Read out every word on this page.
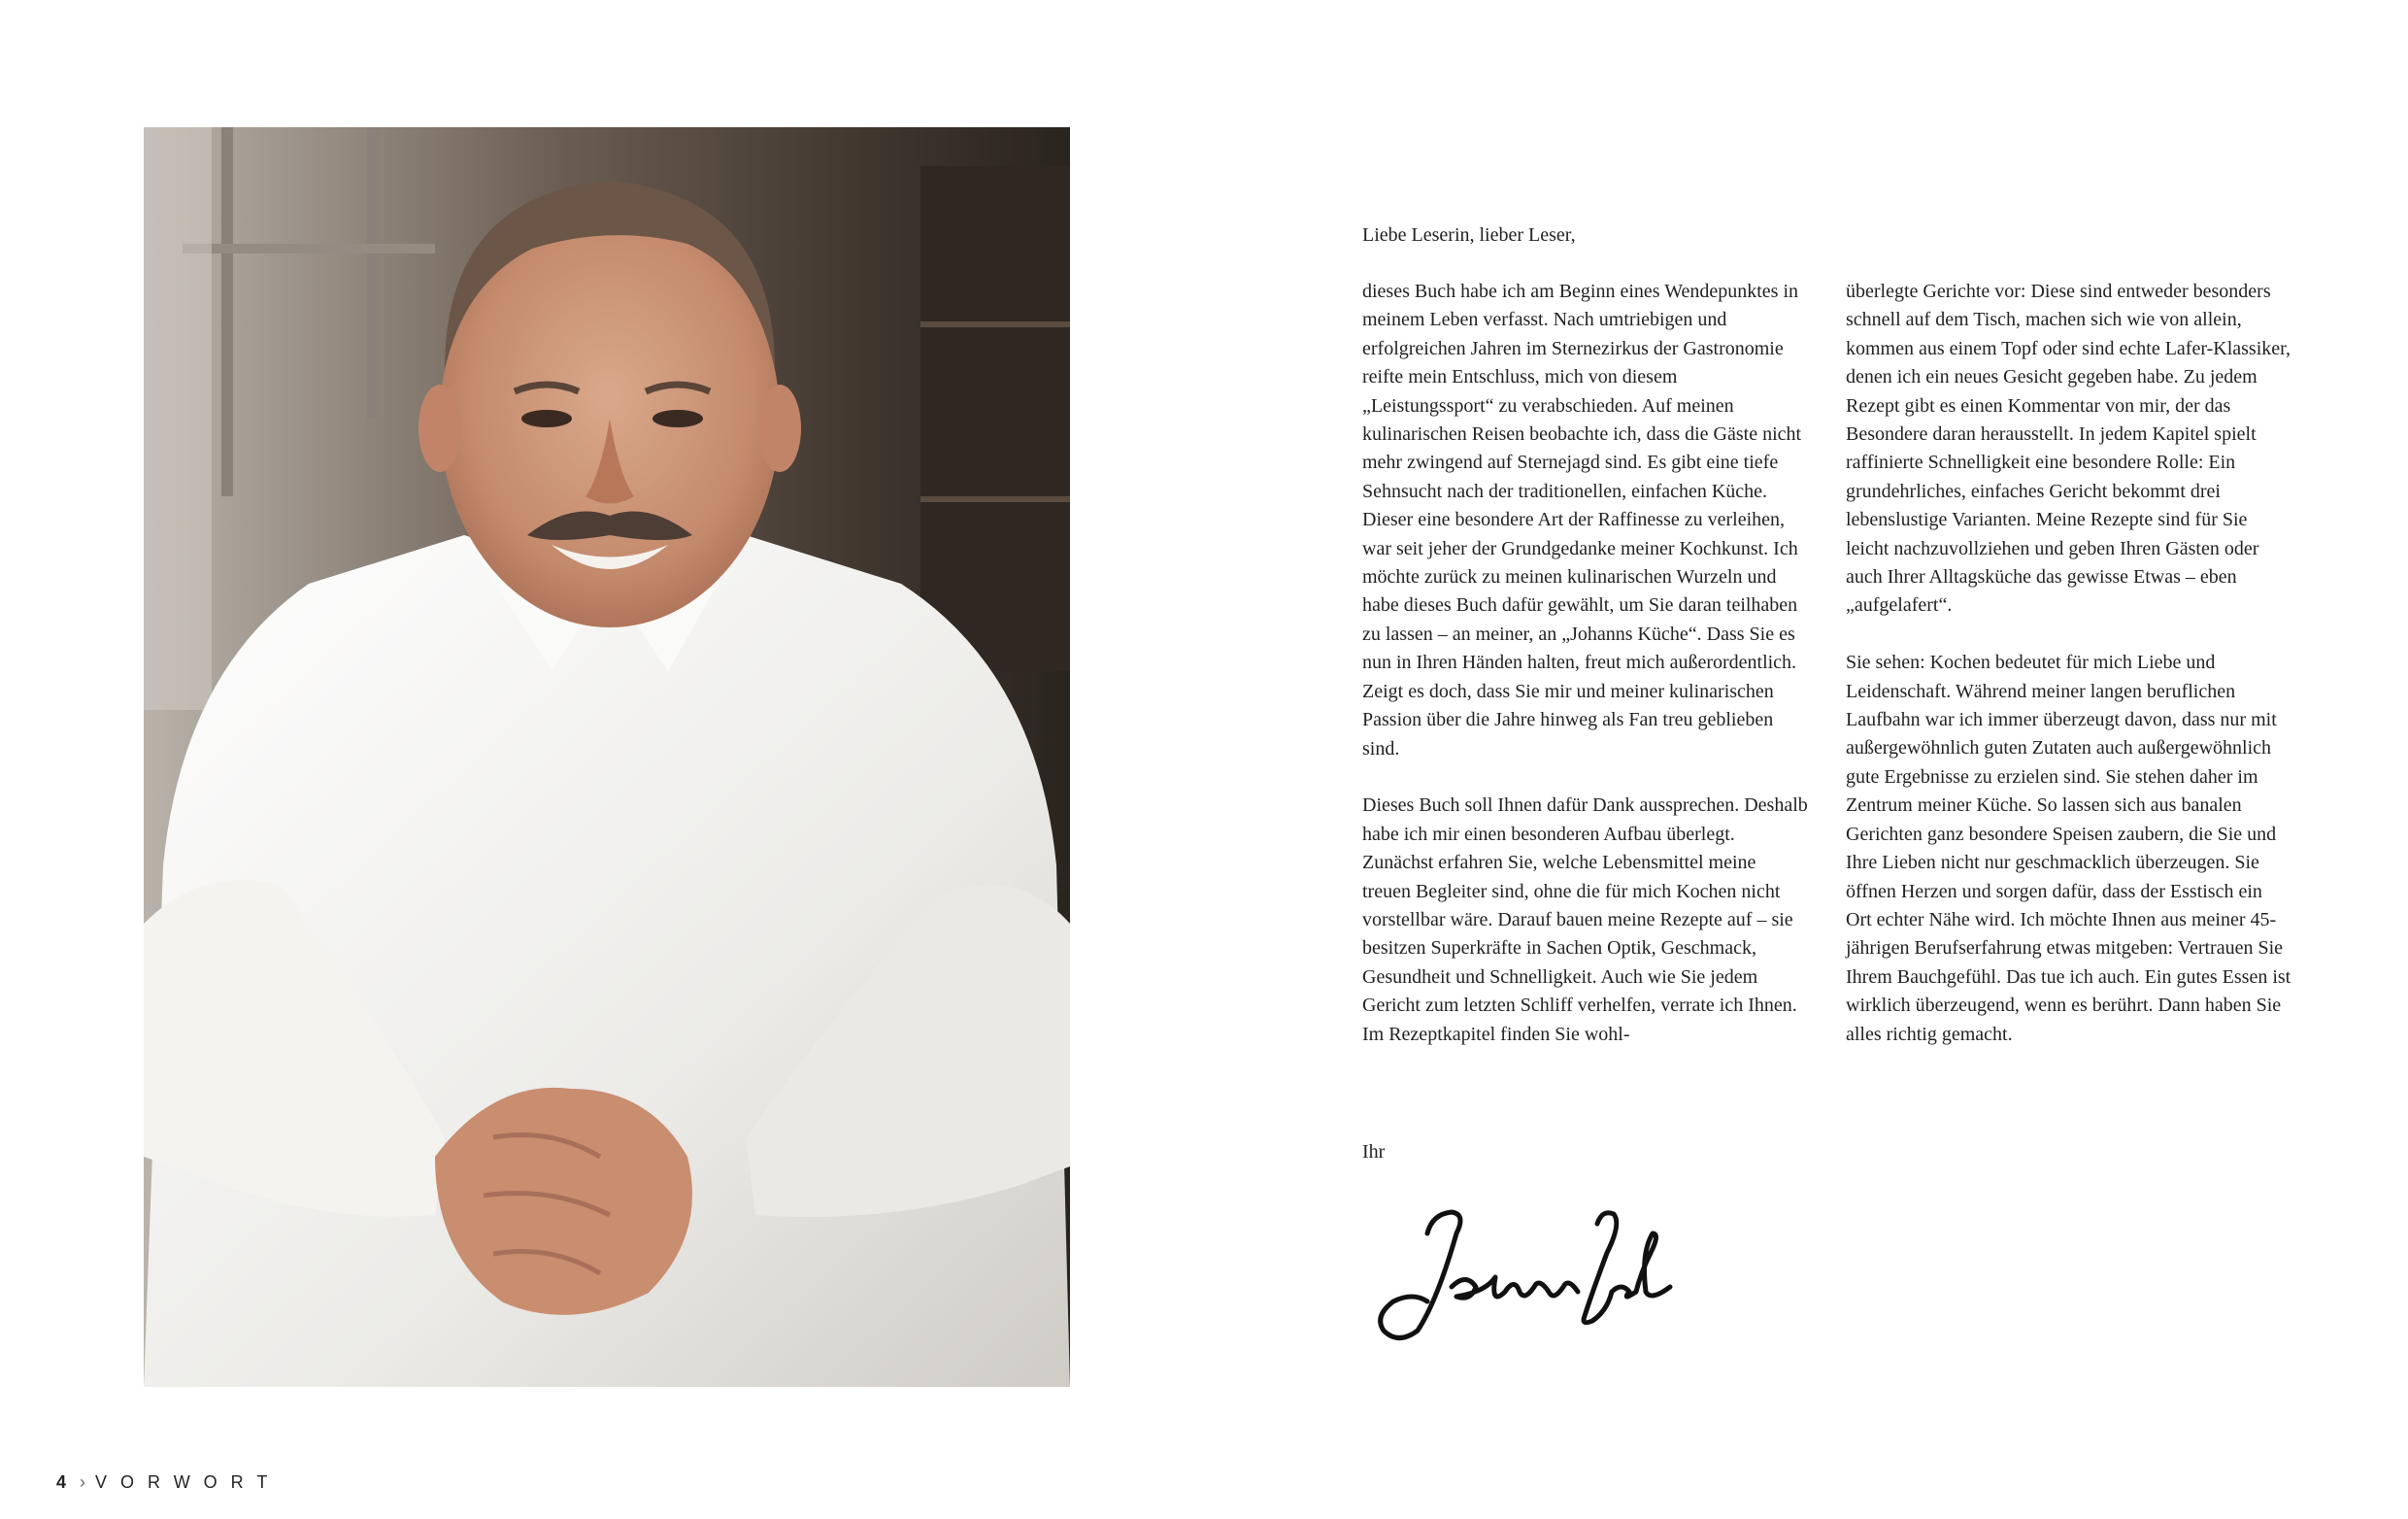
Liebe Leserin, lieber Leser,

dieses Buch habe ich am Beginn eines Wendepunktes in meinem Leben verfasst. Nach umtriebigen und erfolgreichen Jahren im Sternezirkus der Gastronomie reifte mein Entschluss, mich von diesem „Leistungssport“ zu verabschieden. Auf meinen kulinarischen Reisen beobachte ich, dass die Gäste nicht mehr zwingend auf Sternejagd sind. Es gibt eine tiefe Sehnsucht nach der traditionellen, einfachen Küche. Dieser eine besondere Art der Raffinesse zu verleihen, war seit jeher der Grundgedanke meiner Kochkunst. Ich möchte zurück zu meinen kulinarischen Wurzeln und habe dieses Buch dafür gewählt, um Sie daran teilhaben zu lassen – an meiner, an „Johanns Küche“. Dass Sie es nun in Ihren Händen halten, freut mich außerordentlich. Zeigt es doch, dass Sie mir und meiner kulinarischen Passion über die Jahre hinweg als Fan treu geblieben sind.

Dieses Buch soll Ihnen dafür Dank aussprechen. Deshalb habe ich mir einen besonderen Aufbau überlegt. Zunächst erfahren Sie, welche Lebensmittel meine treuen Begleiter sind, ohne die für mich Kochen nicht vorstellbar wäre. Darauf bauen meine Rezepte auf – sie besitzen Superkräfte in Sachen Optik, Geschmack, Gesundheit und Schnelligkeit. Auch wie Sie jedem Gericht zum letzten Schliff verhelfen, verrate ich Ihnen. Im Rezeptkapitel finden Sie wohl-

überlegte Gerichte vor: Diese sind entweder besonders schnell auf dem Tisch, machen sich wie von allein, kommen aus einem Topf oder sind echte Lafer-Klassiker, denen ich ein neues Gesicht gegeben habe. Zu jedem Rezept gibt es einen Kommentar von mir, der das Besondere daran herausstellt. In jedem Kapitel spielt raffinierte Schnelligkeit eine besondere Rolle: Ein grundehrliches, einfaches Gericht bekommt drei lebenslustige Varianten. Meine Rezepte sind für Sie leicht nachzuvollziehen und geben Ihren Gästen oder auch Ihrer Alltagsküche das gewisse Etwas – eben „aufgelafert“.

Sie sehen: Kochen bedeutet für mich Liebe und Leidenschaft. Während meiner langen beruflichen Laufbahn war ich immer überzeugt davon, dass nur mit außergewöhnlich guten Zutaten auch außergewöhnlich gute Ergebnisse zu erzielen sind. Sie stehen daher im Zentrum meiner Küche. So lassen sich aus banalen Gerichten ganz besondere Speisen zaubern, die Sie und Ihre Lieben nicht nur geschmacklich überzeugen. Sie öffnen Herzen und sorgen dafür, dass der Esstisch ein Ort echter Nähe wird. Ich möchte Ihnen aus meiner 45-jährigen Berufserfahrung etwas mitgeben: Vertrauen Sie Ihrem Bauchgefühl. Das tue ich auch. Ein gutes Essen ist wirklich überzeugend, wenn es berührt. Dann haben Sie alles richtig gemacht.

Ihr

4 › VORWORT
